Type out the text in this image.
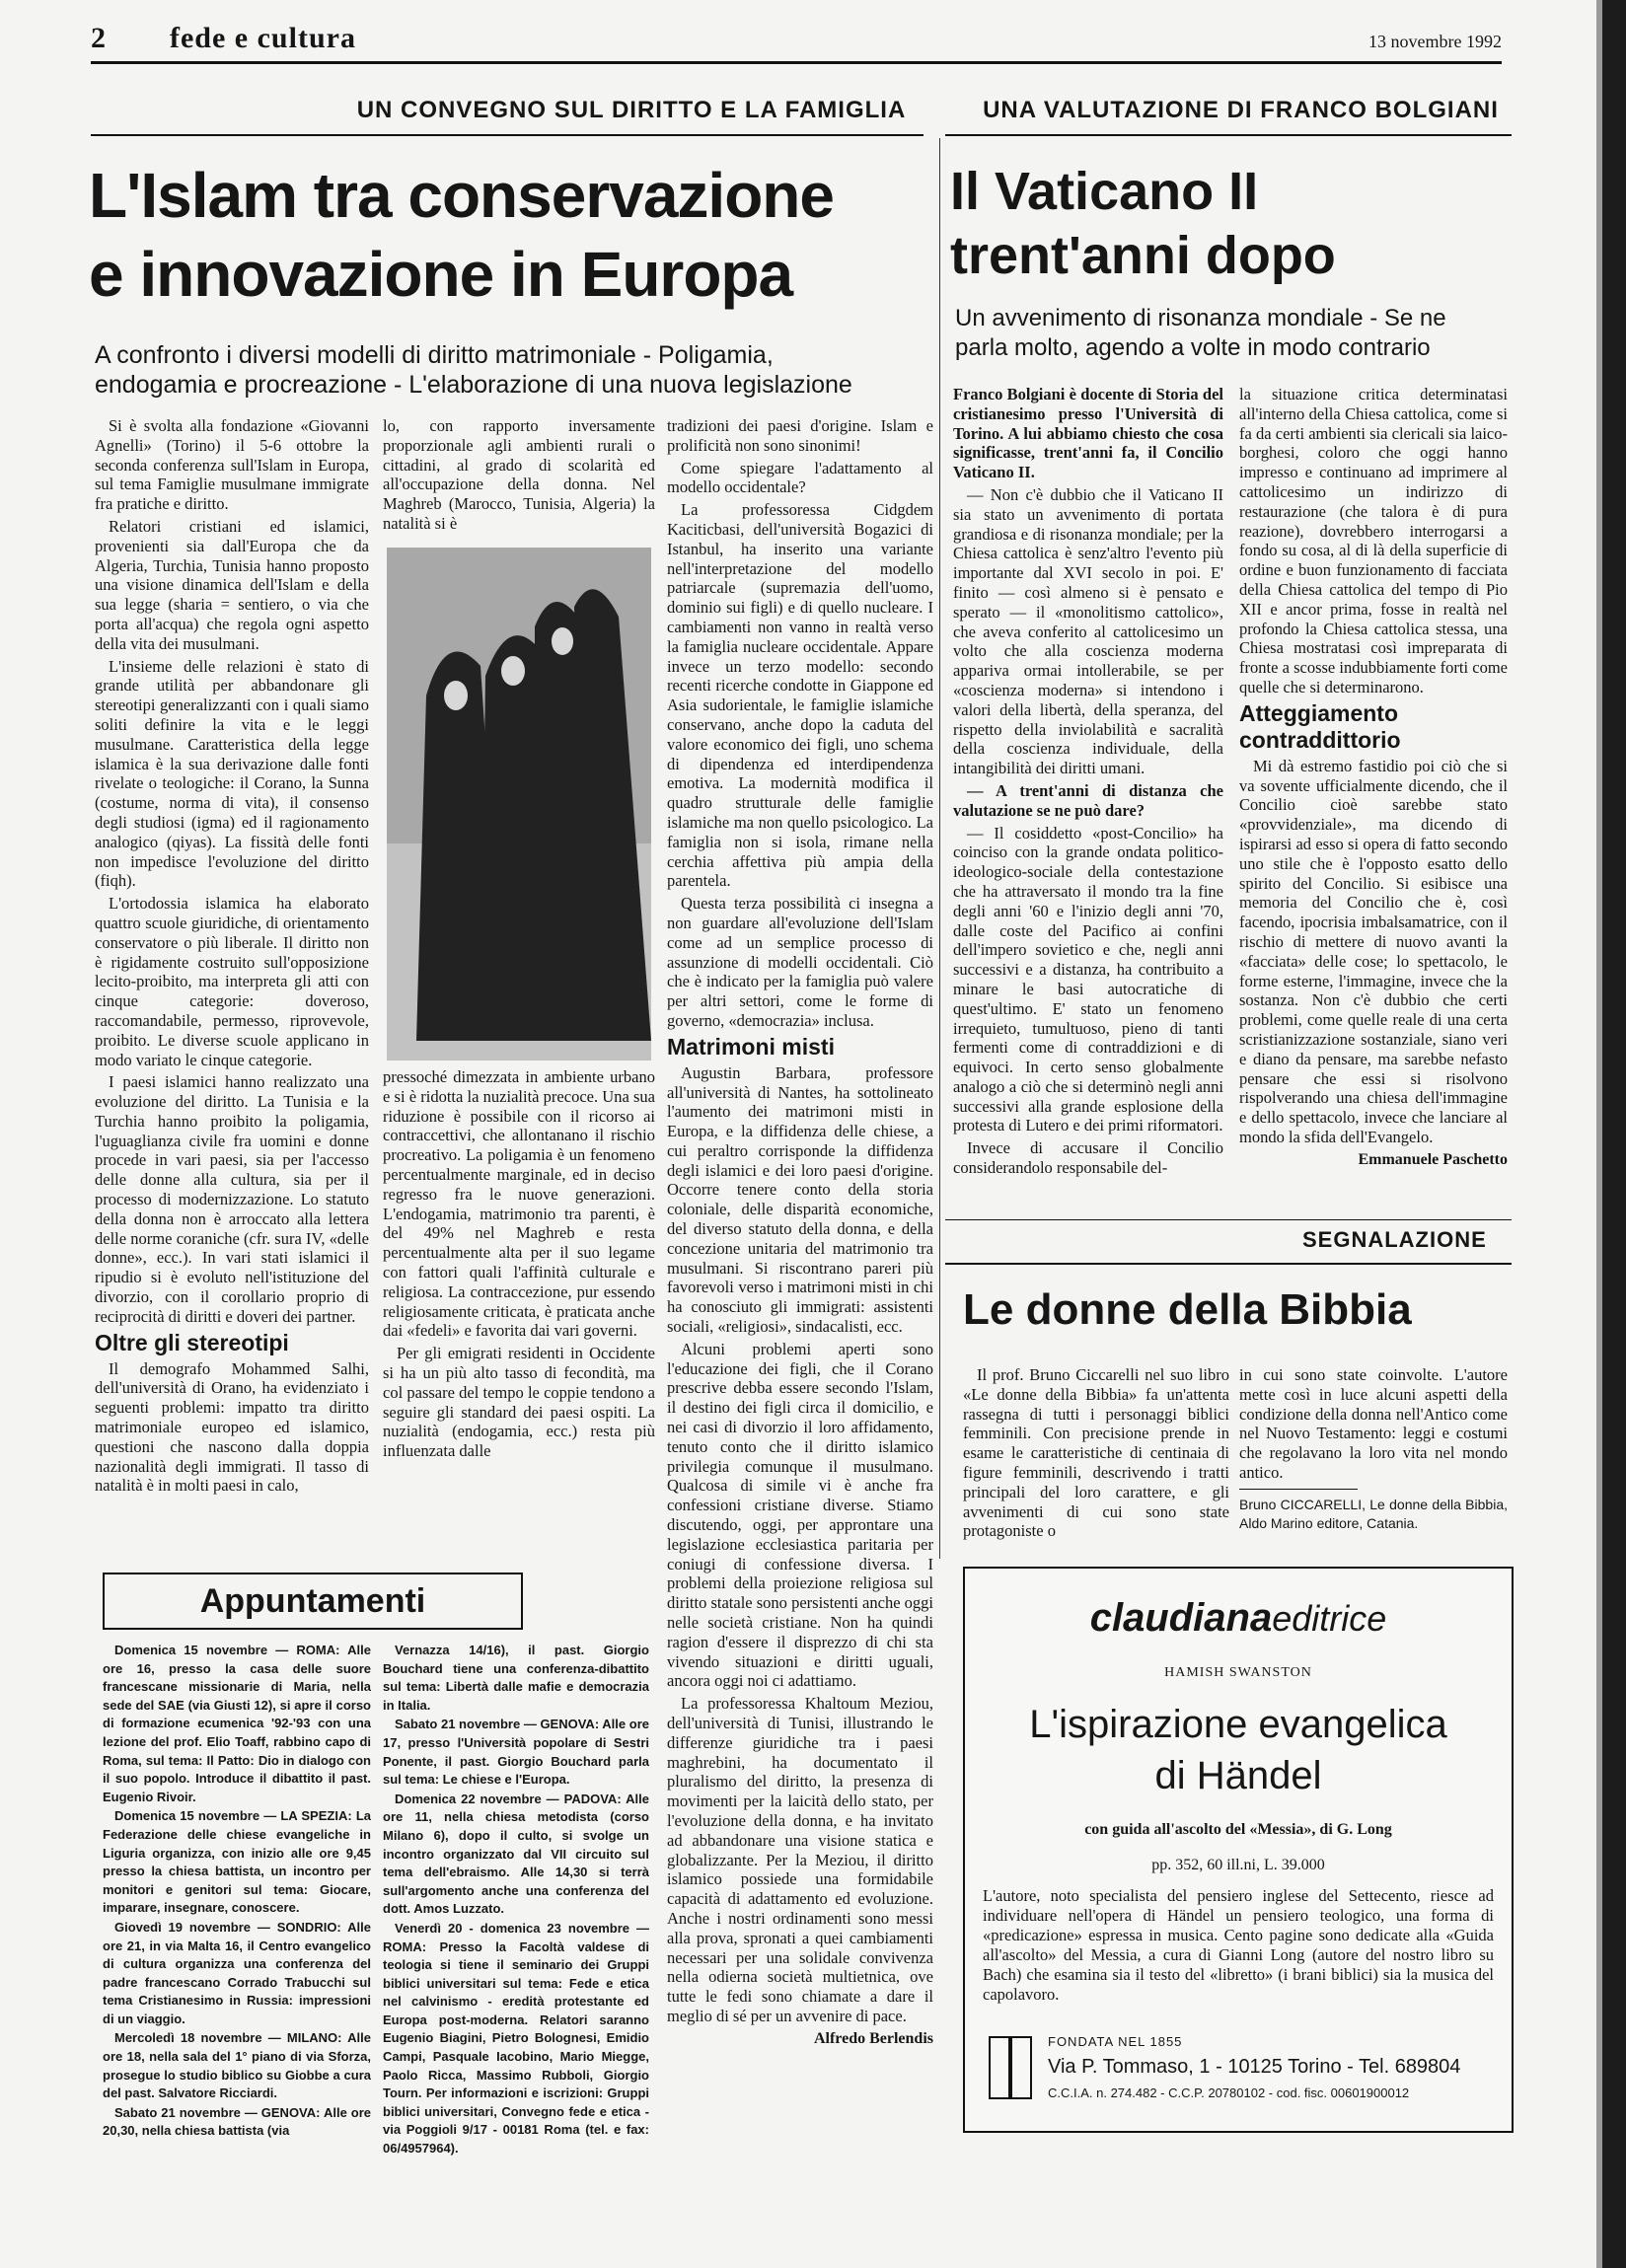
2 fede e cultura	13 novembre 1992
UN CONVEGNO SUL DIRITTO E LA FAMIGLIA
L'Islam tra conservazione
e innovazione in Europa
A confronto i diversi modelli di diritto matrimoniale - Poligamia,
endogamia e procreazione - L'elaborazione di una nuova legislazione
UNA VALUTAZIONE DI FRANCO BOLGIANI
Il Vaticano II
trent'anni dopo
Un avvenimento di risonanza mondiale - Se ne
parla molto, agendo a volte in modo contrario

Si è svolta alla fondazione «Giovanni Agnelli» (Torino) il 5-6 ottobre la seconda conferenza sull'Islam in Europa, sul tema Famiglie musulmane immigrate fra pratiche e diritto.

Relatori cristiani ed islamici, provenienti sia dall'Europa che da Algeria, Turchia, Tunisia hanno proposto una visione dinamica dell'Islam e della sua legge (sharia = sentiero, o via che porta all'acqua) che regola ogni aspetto della vita dei musulmani.

L'insieme delle relazioni è stato di grande utilità per abbandonare gli stereotipi generalizzanti con i quali siamo soliti definire la vita e le leggi musulmane. Caratteristica della legge islamica è la sua derivazione dalle fonti rivelate o teologiche: il Corano, la Sunna (costume, norma di vita), il consenso degli studiosi (igma) ed il ragionamento analogico (qiyas). La fissità delle fonti non impedisce l'evoluzione del diritto (fiqh).

L'ortodossia islamica ha elaborato quattro scuole giuridiche, di orientamento conservatore o più liberale. Il diritto non è rigidamente costruito sull'opposizione lecito-proibito, ma interpreta gli atti con cinque categorie: doveroso, raccomandabile, permesso, riprovevole, proibito. Le diverse scuole applicano in modo variato le cinque categorie.

I paesi islamici hanno realizzato una evoluzione del diritto. La Tunisia e la Turchia hanno proibito la poligamia, l'uguaglianza civile fra uomini e donne procede in vari paesi, sia per l'accesso delle donne alla cultura, sia per il processo di modernizzazione. Lo statuto della donna non è arroccato alla lettera delle norme coraniche (cfr. sura IV, «delle donne», ecc.). In vari stati islamici il ripudio si è evoluto nell'istituzione del divorzio, con il corollario proprio di reciprocità di diritti e doveri dei partner.

Oltre gli stereotipi

Il demografo Mohammed Salhi, dell'università di Orano, ha evidenziato i seguenti problemi: impatto tra diritto matrimoniale europeo ed islamico, questioni che nascono dalla doppia nazionalità degli immigrati. Il tasso di natalità è in molti paesi in calo,

lo, con rapporto inversamente proporzionale agli ambienti rurali o cittadini, al grado di scolarità ed all'occupazione della donna. Nel Maghreb (Marocco, Tunisia, Algeria) la natalità si è

pressoché dimezzata in ambiente urbano e si è ridotta la nuzialità precoce. Una sua riduzione è possibile con il ricorso ai contraccettivi, che allontanano il rischio procreativo. La poligamia è un fenomeno percentualmente marginale, ed in deciso regresso fra le nuove generazioni. L'endogamia, matrimonio tra parenti, è del 49% nel Maghreb e resta percentualmente alta per il suo legame con fattori quali l'affinità culturale e religiosa. La contraccezione, pur essendo religiosamente criticata, è praticata anche dai «fedeli» e favorita dai vari governi.

Per gli emigrati residenti in Occidente si ha un più alto tasso di fecondità, ma col passare del tempo le coppie tendono a seguire gli standard dei paesi ospiti. La nuzialità (endogamia, ecc.) resta più influenzata dalle

tradizioni dei paesi d'origine. Islam e prolificità non sono sinonimi!

Come spiegare l'adattamento al modello occidentale?

La professoressa Cidgdem Kaciticbasi, dell'università Bogazici di Istanbul, ha inserito una variante nell'interpretazione del modello patriarcale (supremazia dell'uomo, dominio sui figli) e di quello nucleare. I cambiamenti non vanno in realtà verso la famiglia nucleare occidentale. Appare invece un terzo modello: secondo recenti ricerche condotte in Giappone ed Asia sudorientale, le famiglie islamiche conservano, anche dopo la caduta del valore economico dei figli, uno schema di dipendenza ed interdipendenza emotiva. La modernità modifica il quadro strutturale delle famiglie islamiche ma non quello psicologico. La famiglia non si isola, rimane nella cerchia affettiva più ampia della parentela.

Questa terza possibilità ci insegna a non guardare all'evoluzione dell'Islam come ad un semplice processo di assunzione di modelli occidentali. Ciò che è indicato per la famiglia può valere per altri settori, come le forme di governo, «democrazia» inclusa.

Matrimoni misti

Augustin Barbara, professore all'università di Nantes, ha sottolineato l'aumento dei matrimoni misti in Europa, e la diffidenza delle chiese, a cui peraltro corrisponde la diffidenza degli islamici e dei loro paesi d'origine. Occorre tenere conto della storia coloniale, delle disparità economiche, del diverso statuto della donna, e della concezione unitaria del matrimonio tra musulmani. Si riscontrano pareri più favorevoli verso i matrimoni misti in chi ha conosciuto gli immigrati: assistenti sociali, «religiosi», sindacalisti, ecc.

Alcuni problemi aperti sono l'educazione dei figli, che il Corano prescrive debba essere secondo l'Islam, il destino dei figli circa il domicilio, e nei casi di divorzio il loro affidamento, tenuto conto che il diritto islamico privilegia comunque il musulmano. Qualcosa di simile vi è anche fra confessioni cristiane diverse. Stiamo discutendo, oggi, per approntare una legislazione ecclesiastica paritaria per coniugi di confessione diversa. I problemi della proiezione religiosa sul diritto statale sono persistenti anche oggi nelle società cristiane. Non ha quindi ragion d'essere il disprezzo di chi sta vivendo situazioni e diritti uguali, ancora oggi noi ci adattiamo.

La professoressa Khaltoum Meziou, dell'università di Tunisi, illustrando le differenze giuridiche tra i paesi maghrebini, ha documentato il pluralismo del diritto, la presenza di movimenti per la laicità dello stato, per l'evoluzione della donna, e ha invitato ad abbandonare una visione statica e globalizzante. Per la Meziou, il diritto islamico possiede una formidabile capacità di adattamento ed evoluzione. Anche i nostri ordinamenti sono messi alla prova, spronati a quei cambiamenti necessari per una solidale convivenza nella odierna società multietnica, ove tutte le fedi sono chiamate a dare il meglio di sé per un avvenire di pace.

Alfredo Berlendis

Franco Bolgiani è docente di Storia del cristianesimo presso l'Università di Torino. A lui abbiamo chiesto che cosa significasse, trent'anni fa, il Concilio Vaticano II.

— Non c'è dubbio che il Vaticano II sia stato un avvenimento di portata grandiosa e di risonanza mondiale; per la Chiesa cattolica è senz'altro l'evento più importante dal XVI secolo in poi. E' finito — così almeno si è pensato e sperato — il «monolitismo cattolico», che aveva conferito al cattolicesimo un volto che alla coscienza moderna appariva ormai intollerabile, se per «coscienza moderna» si intendono i valori della libertà, della speranza, del rispetto della inviolabilità e sacralità della coscienza individuale, della intangibilità dei diritti umani.

— A trent'anni di distanza che valutazione se ne può dare?

— Il cosiddetto «post-Concilio» ha coinciso con la grande ondata politico-ideologico-sociale della contestazione che ha attraversato il mondo tra la fine degli anni '60 e l'inizio degli anni '70, dalle coste del Pacifico ai confini dell'impero sovietico e che, negli anni successivi e a distanza, ha contribuito a minare le basi autocratiche di quest'ultimo. E' stato un fenomeno irrequieto, tumultuoso, pieno di tanti fermenti come di contraddizioni e di equivoci. In certo senso globalmente analogo a ciò che si determinò negli anni successivi alla grande esplosione della protesta di Lutero e dei primi riformatori.

Invece di accusare il Concilio considerandolo responsabile del-

la situazione critica determinatasi all'interno della Chiesa cattolica, come si fa da certi ambienti sia clericali sia laico-borghesi, coloro che oggi hanno impresso e continuano ad imprimere al cattolicesimo un indirizzo di restaurazione (che talora è di pura reazione), dovrebbero interrogarsi a fondo su cosa, al di là della superficie di ordine e buon funzionamento di facciata della Chiesa cattolica del tempo di Pio XII e ancor prima, fosse in realtà nel profondo la Chiesa cattolica stessa, una Chiesa mostratasi così impreparata di fronte a scosse indubbiamente forti come quelle che si determinarono.

Atteggiamento contraddittorio

Mi dà estremo fastidio poi ciò che si va sovente ufficialmente dicendo, che il Concilio cioè sarebbe stato «provvidenziale», ma dicendo di ispirarsi ad esso si opera di fatto secondo uno stile che è l'opposto esatto dello spirito del Concilio. Si esibisce una memoria del Concilio che è, così facendo, ipocrisia imbalsamatrice, con il rischio di mettere di nuovo avanti la «facciata» delle cose; lo spettacolo, le forme esterne, l'immagine, invece che la sostanza. Non c'è dubbio che certi problemi, come quelle reale di una certa scristianizzazione sostanziale, siano veri e diano da pensare, ma sarebbe nefasto pensare che essi si risolvono rispolverando una chiesa dell'immagine e dello spettacolo, invece che lanciare al mondo la sfida dell'Evangelo.

Emmanuele Paschetto

SEGNALAZIONE
Le donne della Bibbia

Il prof. Bruno Ciccarelli nel suo libro «Le donne della Bibbia» fa un'attenta rassegna di tutti i personaggi biblici femminili. Con precisione prende in esame le caratteristiche di centinaia di figure femminili, descrivendo i tratti principali del loro carattere, e gli avvenimenti di cui sono state protagoniste o

in cui sono state coinvolte. L'autore mette così in luce alcuni aspetti della condizione della donna nell'Antico come nel Nuovo Testamento: leggi e costumi che regolavano la loro vita nel mondo antico.

Bruno CICCARELLI, Le donne della Bibbia, Aldo Marino editore, Catania.

Appuntamenti

Domenica 15 novembre — ROMA: Alle ore 16, presso la casa delle suore francescane missionarie di Maria, nella sede del SAE (via Giusti 12), si apre il corso di formazione ecumenica '92-'93 con una lezione del prof. Elio Toaff, rabbino capo di Roma, sul tema: Il Patto: Dio in dialogo con il suo popolo. Introduce il dibattito il past. Eugenio Rivoir.

Domenica 15 novembre — LA SPEZIA: La Federazione delle chiese evangeliche in Liguria organizza, con inizio alle ore 9,45 presso la chiesa battista, un incontro per monitori e genitori sul tema: Giocare, imparare, insegnare, conoscere.

Giovedì 19 novembre — SONDRIO: Alle ore 21, in via Malta 16, il Centro evangelico di cultura organizza una conferenza del padre francescano Corrado Trabucchi sul tema Cristianesimo in Russia: impressioni di un viaggio.

Mercoledì 18 novembre — MILANO: Alle ore 18, nella sala del 1° piano di via Sforza, prosegue lo studio biblico su Giobbe a cura del past. Salvatore Ricciardi.

Sabato 21 novembre — GENOVA: Alle ore 20,30, nella chiesa battista (via

Vernazza 14/16), il past. Giorgio Bouchard tiene una conferenza-dibattito sul tema: Libertà dalle mafie e democrazia in Italia.

Sabato 21 novembre — GENOVA: Alle ore 17, presso l'Università popolare di Sestri Ponente, il past. Giorgio Bouchard parla sul tema: Le chiese e l'Europa.

Domenica 22 novembre — PADOVA: Alle ore 11, nella chiesa metodista (corso Milano 6), dopo il culto, si svolge un incontro organizzato dal VII circuito sul tema dell'ebraismo. Alle 14,30 si terrà sull'argomento anche una conferenza del dott. Amos Luzzato.

Venerdì 20 - domenica 23 novembre — ROMA: Presso la Facoltà valdese di teologia si tiene il seminario dei Gruppi biblici universitari sul tema: Fede e etica nel calvinismo - eredità protestante ed Europa post-moderna. Relatori saranno Eugenio Biagini, Pietro Bolognesi, Emidio Campi, Pasquale Iacobino, Mario Miegge, Paolo Ricca, Massimo Rubboli, Giorgio Tourn. Per informazioni e iscrizioni: Gruppi biblici universitari, Convegno fede e etica - via Poggioli 9/17 - 00181 Roma (tel. e fax: 06/4957964).

claudianaeditrice
HAMISH SWANSTON
L'ispirazione evangelica
di Händel
con guida all'ascolto del «Messia», di G. Long
pp. 352, 60 ill.ni, L. 39.000
L'autore, noto specialista del pensiero inglese del Settecento, riesce ad individuare nell'opera di Händel un pensiero teologico, una forma di «predicazione» espressa in musica. Cento pagine sono dedicate alla «Guida all'ascolto» del Messia, a cura di Gianni Long (autore del nostro libro su Bach) che esamina sia il testo del «libretto» (i brani biblici) sia la musica del capolavoro.
FONDATA NEL 1855
Via P. Tommaso, 1 - 10125 Torino - Tel. 689804
C.C.I.A. n. 274.482 - C.C.P. 20780102 - cod. fisc. 00601900012
